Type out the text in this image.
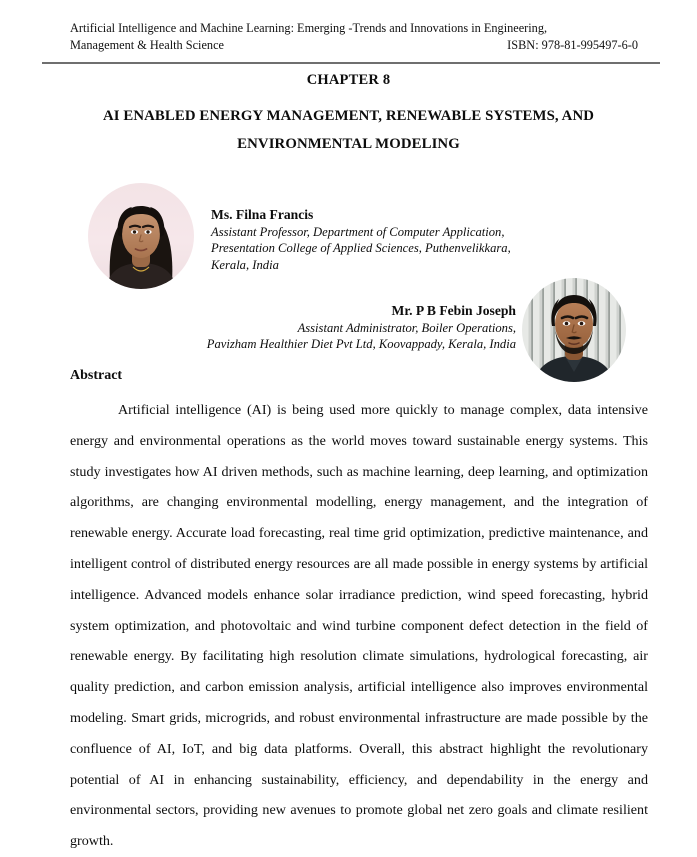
Artificial Intelligence and Machine Learning: Emerging -Trends and Innovations in Engineering,
Management & Health Science	ISBN: 978-81-995497-6-0
CHAPTER 8
AI ENABLED ENERGY MANAGEMENT, RENEWABLE SYSTEMS, AND ENVIRONMENTAL MODELING
Ms. Filna Francis
Assistant Professor, Department of Computer Application,
Presentation College of Applied Sciences, Puthenvelikkara,
Kerala, India
Mr. P B Febin Joseph
Assistant Administrator, Boiler Operations,
Pavizham Healthier Diet Pvt Ltd, Koovappady, Kerala, India
Abstract
Artificial intelligence (AI) is being used more quickly to manage complex, data intensive energy and environmental operations as the world moves toward sustainable energy systems. This study investigates how AI driven methods, such as machine learning, deep learning, and optimization algorithms, are changing environmental modelling, energy management, and the integration of renewable energy. Accurate load forecasting, real time grid optimization, predictive maintenance, and intelligent control of distributed energy resources are all made possible in energy systems by artificial intelligence. Advanced models enhance solar irradiance prediction, wind speed forecasting, hybrid system optimization, and photovoltaic and wind turbine component defect detection in the field of renewable energy. By facilitating high resolution climate simulations, hydrological forecasting, air quality prediction, and carbon emission analysis, artificial intelligence also improves environmental modeling. Smart grids, microgrids, and robust environmental infrastructure are made possible by the confluence of AI, IoT, and big data platforms. Overall, this abstract highlight the revolutionary potential of AI in enhancing sustainability, efficiency, and dependability in the energy and environmental sectors, providing new avenues to promote global net zero goals and climate resilient growth.
